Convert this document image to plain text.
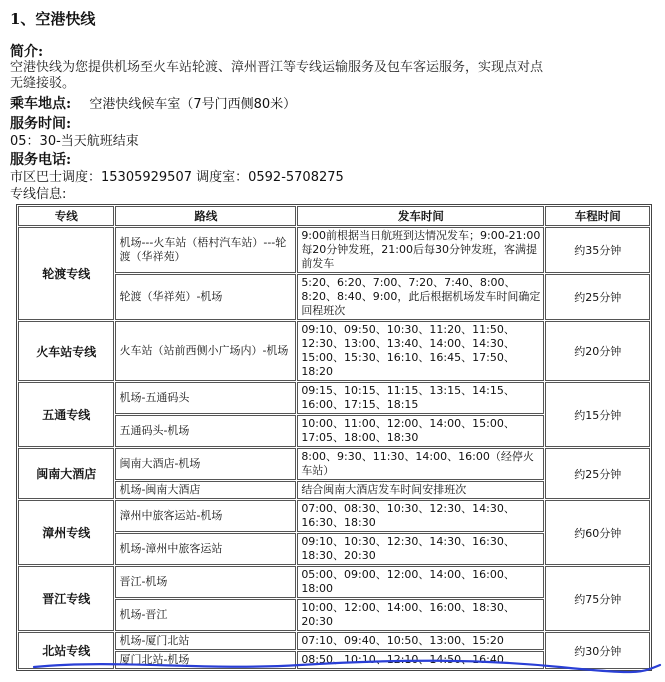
1、空港快线
简介:
空港快线为您提供机场至火车站轮渡、漳州晋江等专线运输服务及包车客运服务，实现点对点
无缝接驳。
乘车地点: 空港快线候车室（7号门西侧80米）
服务时间:
05：30-当天航班结束
服务电话:
市区巴士调度：15305929507 调度室：0592-5708275
专线信息:
专线	路线	发车时间	车程时间
轮渡专线	机场---火车站（梧村汽车站）---轮渡（华祥苑）	9:00前根据当日航班到达情况发车；9:00-21:00每20分钟发班，21:00后每30分钟发班，客满提前发车	约35分钟
	轮渡（华祥苑）-机场	5:20、6:20、7:00、7:20、7:40、8:00、8:20、8:40、9:00，此后根据机场发车时间确定回程班次	约25分钟
火车站专线	火车站（站前西侧小广场内）-机场	09:10、09:50、10:30、11:20、11:50、12:30、13:00、13:40、14:00、14:30、15:00、15:30、16:10、16:45、17:50、18:20	约20分钟
五通专线	机场-五通码头	09:15、10:15、11:15、13:15、14:15、16:00、17:15、18:15	约15分钟
	五通码头-机场	10:00、11:00、12:00、14:00、15:00、17:05、18:00、18:30	
闽南大酒店	闽南大酒店-机场	8:00、9:30、11:30、14:00、16:00（经停火车站）	约25分钟
	机场-闽南大酒店	结合闽南大酒店发车时间安排班次	
漳州专线	漳州中旅客运站-机场	07:00、08:30、10:30、12:30、14:30、16:30、18:30	约60分钟
	机场-漳州中旅客运站	09:10、10:30、12:30、14:30、16:30、18:30、20:30	
晋江专线	晋江-机场	05:00、09:00、12:00、14:00、16:00、18:00	约75分钟
	机场-晋江	10:00、12:00、14:00、16:00、18:30、20:30	
北站专线	机场-厦门北站	07:10、09:40、10:50、13:00、15:20	约30分钟
	厦门北站-机场	08:50、10:10、12:10、14:50、16:40	
